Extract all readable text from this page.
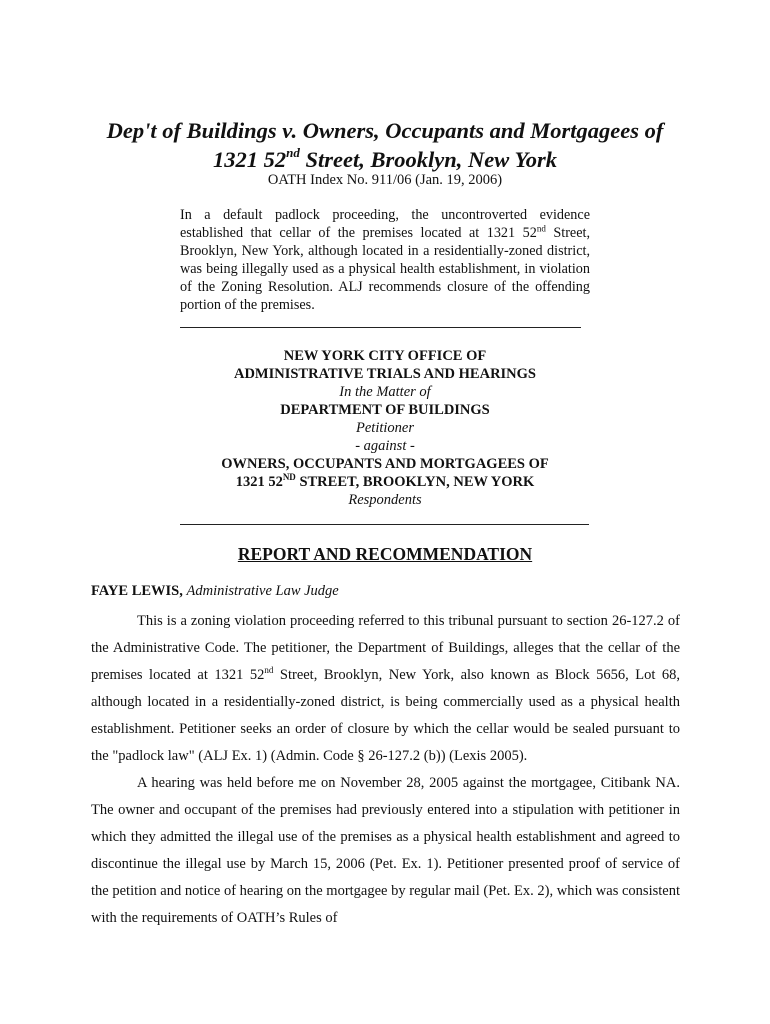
Dep't of Buildings v. Owners, Occupants and Mortgagees of
1321 52nd Street, Brooklyn, New York
OATH Index No. 911/06 (Jan. 19, 2006)

In a default padlock proceeding, the uncontroverted evidence established that cellar of the premises located at 1321 52nd Street, Brooklyn, New York, although located in a residentially-zoned district, was being illegally used as a physical health establishment, in violation of the Zoning Resolution. ALJ recommends closure of the offending portion of the premises.

NEW YORK CITY OFFICE OF
ADMINISTRATIVE TRIALS AND HEARINGS
In the Matter of
DEPARTMENT OF BUILDINGS
Petitioner
- against -
OWNERS, OCCUPANTS AND MORTGAGEES OF
1321 52ND STREET, BROOKLYN, NEW YORK
Respondents
REPORT AND RECOMMENDATION
FAYE LEWIS, Administrative Law Judge

This is a zoning violation proceeding referred to this tribunal pursuant to section 26-127.2 of the Administrative Code. The petitioner, the Department of Buildings, alleges that the cellar of the premises located at 1321 52nd Street, Brooklyn, New York, also known as Block 5656, Lot 68, although located in a residentially-zoned district, is being commercially used as a physical health establishment. Petitioner seeks an order of closure by which the cellar would be sealed pursuant to the "padlock law" (ALJ Ex. 1) (Admin. Code § 26-127.2 (b)) (Lexis 2005).

A hearing was held before me on November 28, 2005 against the mortgagee, Citibank NA. The owner and occupant of the premises had previously entered into a stipulation with petitioner in which they admitted the illegal use of the premises as a physical health establishment and agreed to discontinue the illegal use by March 15, 2006 (Pet. Ex. 1). Petitioner presented proof of service of the petition and notice of hearing on the mortgagee by regular mail (Pet. Ex. 2), which was consistent with the requirements of OATH’s Rules of
